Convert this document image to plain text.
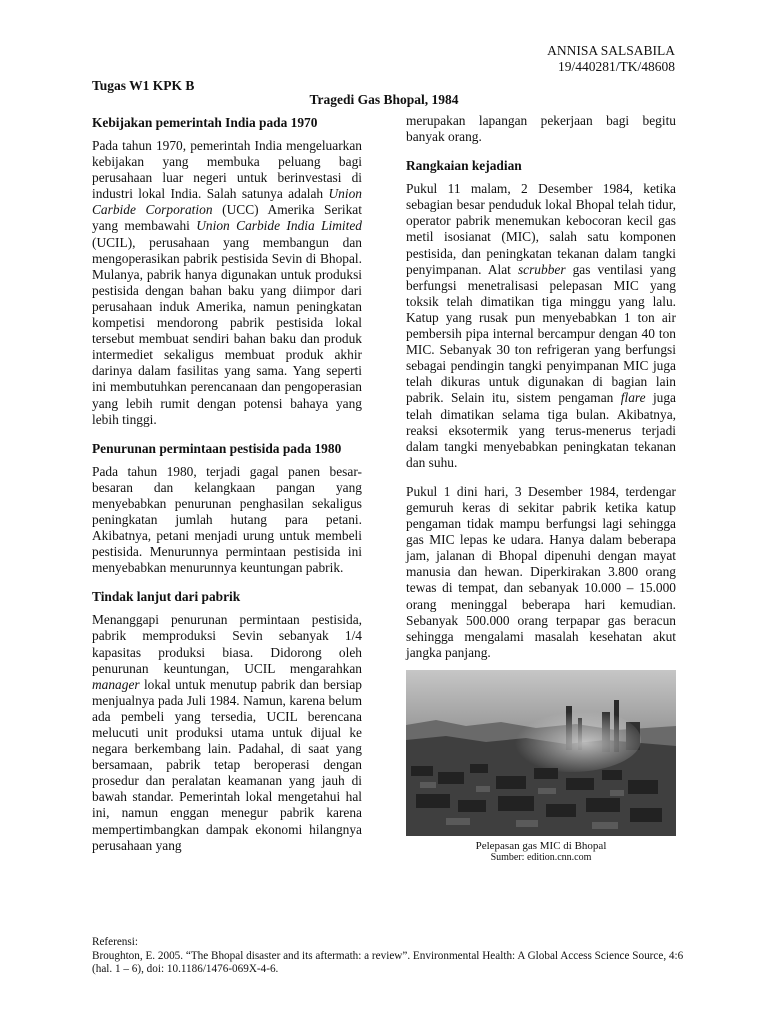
ANNISA SALSABILA
19/440281/TK/48608
Tugas W1 KPK B
Tragedi Gas Bhopal, 1984
Kebijakan pemerintah India pada 1970

Pada tahun 1970, pemerintah India mengeluarkan kebijakan yang membuka peluang bagi perusahaan luar negeri untuk berinvestasi di industri lokal India. Salah satunya adalah Union Carbide Corporation (UCC) Amerika Serikat yang membawahi Union Carbide India Limited (UCIL), perusahaan yang membangun dan mengoperasikan pabrik pestisida Sevin di Bhopal. Mulanya, pabrik hanya digunakan untuk produksi pestisida dengan bahan baku yang diimpor dari perusahaan induk Amerika, namun peningkatan kompetisi mendorong pabrik pestisida lokal tersebut membuat sendiri bahan baku dan produk intermediet sekaligus membuat produk akhir darinya dalam fasilitas yang sama. Yang seperti ini membutuhkan perencanaan dan pengoperasian yang lebih rumit dengan potensi bahaya yang lebih tinggi.

Penurunan permintaan pestisida pada 1980

Pada tahun 1980, terjadi gagal panen besar-besaran dan kelangkaan pangan yang menyebabkan penurunan penghasilan sekaligus peningkatan jumlah hutang para petani. Akibatnya, petani menjadi urung untuk membeli pestisida. Menurunnya permintaan pestisida ini menyebabkan menurunnya keuntungan pabrik.

Tindak lanjut dari pabrik

Menanggapi penurunan permintaan pestisida, pabrik memproduksi Sevin sebanyak 1/4 kapasitas produksi biasa. Didorong oleh penurunan keuntungan, UCIL mengarahkan manager lokal untuk menutup pabrik dan bersiap menjualnya pada Juli 1984. Namun, karena belum ada pembeli yang tersedia, UCIL berencana melucuti unit produksi utama untuk dijual ke negara berkembang lain. Padahal, di saat yang bersamaan, pabrik tetap beroperasi dengan prosedur dan peralatan keamanan yang jauh di bawah standar. Pemerintah lokal mengetahui hal ini, namun enggan menegur pabrik karena mempertimbangkan dampak ekonomi hilangnya perusahaan yang

merupakan lapangan pekerjaan bagi begitu banyak orang.

Rangkaian kejadian

Pukul 11 malam, 2 Desember 1984, ketika sebagian besar penduduk lokal Bhopal telah tidur, operator pabrik menemukan kebocoran kecil gas metil isosianat (MIC), salah satu komponen pestisida, dan peningkatan tekanan dalam tangki penyimpanan. Alat scrubber gas ventilasi yang berfungsi menetralisasi pelepasan MIC yang toksik telah dimatikan tiga minggu yang lalu. Katup yang rusak pun menyebabkan 1 ton air pembersih pipa internal bercampur dengan 40 ton MIC. Sebanyak 30 ton refrigeran yang berfungsi sebagai pendingin tangki penyimpanan MIC juga telah dikuras untuk digunakan di bagian lain pabrik. Selain itu, sistem pengaman flare juga telah dimatikan selama tiga bulan. Akibatnya, reaksi eksotermik yang terus-menerus terjadi dalam tangki menyebabkan peningkatan tekanan dan suhu.

Pukul 1 dini hari, 3 Desember 1984, terdengar gemuruh keras di sekitar pabrik ketika katup pengaman tidak mampu berfungsi lagi sehingga gas MIC lepas ke udara. Hanya dalam beberapa jam, jalanan di Bhopal dipenuhi dengan mayat manusia dan hewan. Diperkirakan 3.800 orang tewas di tempat, dan sebanyak 10.000 – 15.000 orang meninggal beberapa hari kemudian. Sebanyak 500.000 orang terpapar gas beracun sehingga mengalami masalah kesehatan akut jangka panjang.

Pelepasan gas MIC di Bhopal
Sumber: edition.cnn.com
Referensi:
Broughton, E. 2005. “The Bhopal disaster and its aftermath: a review”. Environmental Health: A Global Access Science Source, 4:6 (hal. 1 – 6), doi: 10.1186/1476-069X-4-6.
